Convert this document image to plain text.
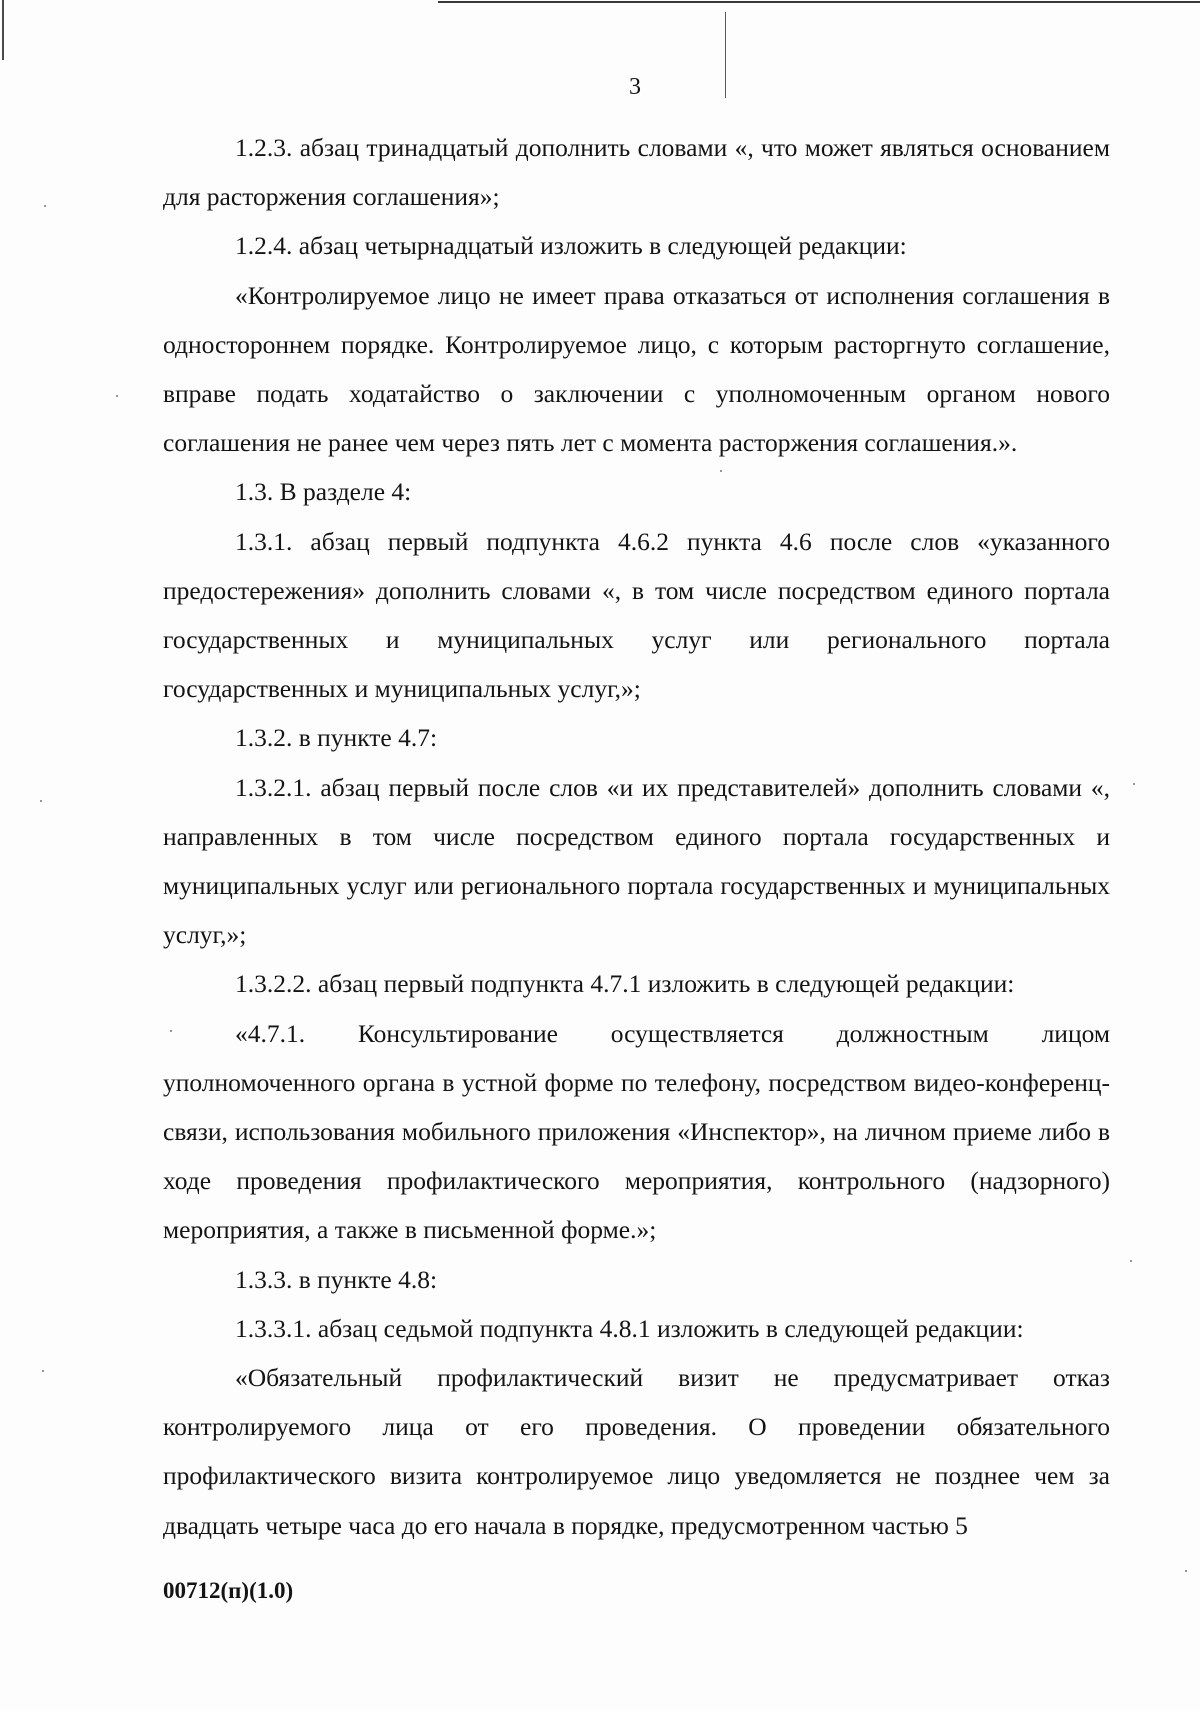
3

1.2.3. абзац тринадцатый дополнить словами «, что может являться основанием для расторжения соглашения»;

1.2.4. абзац четырнадцатый изложить в следующей редакции:

«Контролируемое лицо не имеет права отказаться от исполнения соглашения в одностороннем порядке. Контролируемое лицо, с которым расторгнуто соглашение, вправе подать ходатайство о заключении с уполномоченным органом нового соглашения не ранее чем через пять лет с момента расторжения соглашения.».

1.3. В разделе 4:

1.3.1. абзац первый подпункта 4.6.2 пункта 4.6 после слов «указанного предостережения» дополнить словами «, в том числе посредством единого портала государственных и муниципальных услуг или регионального портала государственных и муниципальных услуг,»;

1.3.2. в пункте 4.7:

1.3.2.1. абзац первый после слов «и их представителей» дополнить словами «, направленных в том числе посредством единого портала государственных и муниципальных услуг или регионального портала государственных и муниципальных услуг,»;

1.3.2.2. абзац первый подпункта 4.7.1 изложить в следующей редакции:

«4.7.1. Консультирование осуществляется должностным лицом уполномоченного органа в устной форме по телефону, посредством видео-конференц-связи, использования мобильного приложения «Инспектор», на личном приеме либо в ходе проведения профилактического мероприятия, контрольного (надзорного) мероприятия, а также в письменной форме.»;

1.3.3. в пункте 4.8:

1.3.3.1. абзац седьмой подпункта 4.8.1 изложить в следующей редакции:

«Обязательный профилактический визит не предусматривает отказ контролируемого лица от его проведения. О проведении обязательного профилактического визита контролируемое лицо уведомляется не позднее чем за двадцать четыре часа до его начала в порядке, предусмотренном частью 5

00712(п)(1.0)
